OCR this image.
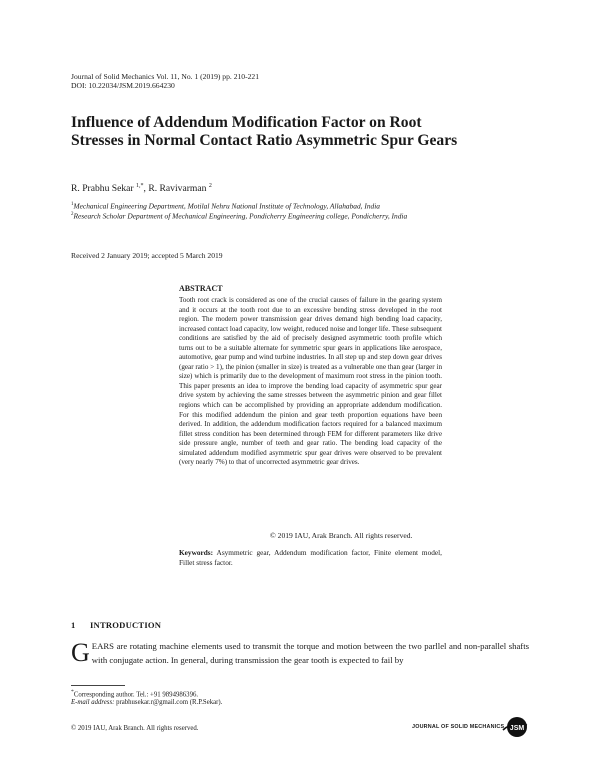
Journal of Solid Mechanics Vol. 11, No. 1 (2019) pp. 210-221
DOI: 10.22034/JSM.2019.664230
Influence of Addendum Modification Factor on Root Stresses in Normal Contact Ratio Asymmetric Spur Gears
R. Prabhu Sekar $^{1,*}$, R. Ravivarman $^2$
$^1$Mechanical Engineering Department, Motilal Nehru National Institute of Technology, Allahabad, India
$^2$Research Scholar Department of Mechanical Engineering, Pondicherry Engineering college, Pondicherry, India
Received 2 January 2019; accepted 5 March 2019
ABSTRACT
Tooth root crack is considered as one of the crucial causes of failure in the gearing system and it occurs at the tooth root due to an excessive bending stress developed in the root region. The modern power transmission gear drives demand high bending load capacity, increased contact load capacity, low weight, reduced noise and longer life. These subsequent conditions are satisfied by the aid of precisely designed asymmetric tooth profile which turns out to be a suitable alternate for symmetric spur gears in applications like aerospace, automotive, gear pump and wind turbine industries. In all step up and step down gear drives (gear ratio > 1), the pinion (smaller in size) is treated as a vulnerable one than gear (larger in size) which is primarily due to the development of maximum root stress in the pinion tooth. This paper presents an idea to improve the bending load capacity of asymmetric spur gear drive system by achieving the same stresses between the asymmetric pinion and gear fillet regions which can be accomplished by providing an appropriate addendum modification. For this modified addendum the pinion and gear teeth proportion equations have been derived. In addition, the addendum modification factors required for a balanced maximum fillet stress condition has been determined through FEM for different parameters like drive side pressure angle, number of teeth and gear ratio. The bending load capacity of the simulated addendum modified asymmetric spur gear drives were observed to be prevalent (very nearly 7%) to that of uncorrected asymmetric gear drives.
© 2019 IAU, Arak Branch. All rights reserved.
Keywords: Asymmetric gear, Addendum modification factor, Finite element model, Fillet stress factor.
1 INTRODUCTION
GEARS are rotating machine elements used to transmit the torque and motion between the two parllel and non-parallel shafts with conjugate action. In general, during transmission the gear tooth is expected to fail by
*Corresponding author. Tel.: +91 9894986396.
E-mail address: prabhusekar.r@gmail.com (R.P.Sekar).
© 2019 IAU, Arak Branch. All rights reserved.	JOURNAL OF SOLID MECHANICS JSM
